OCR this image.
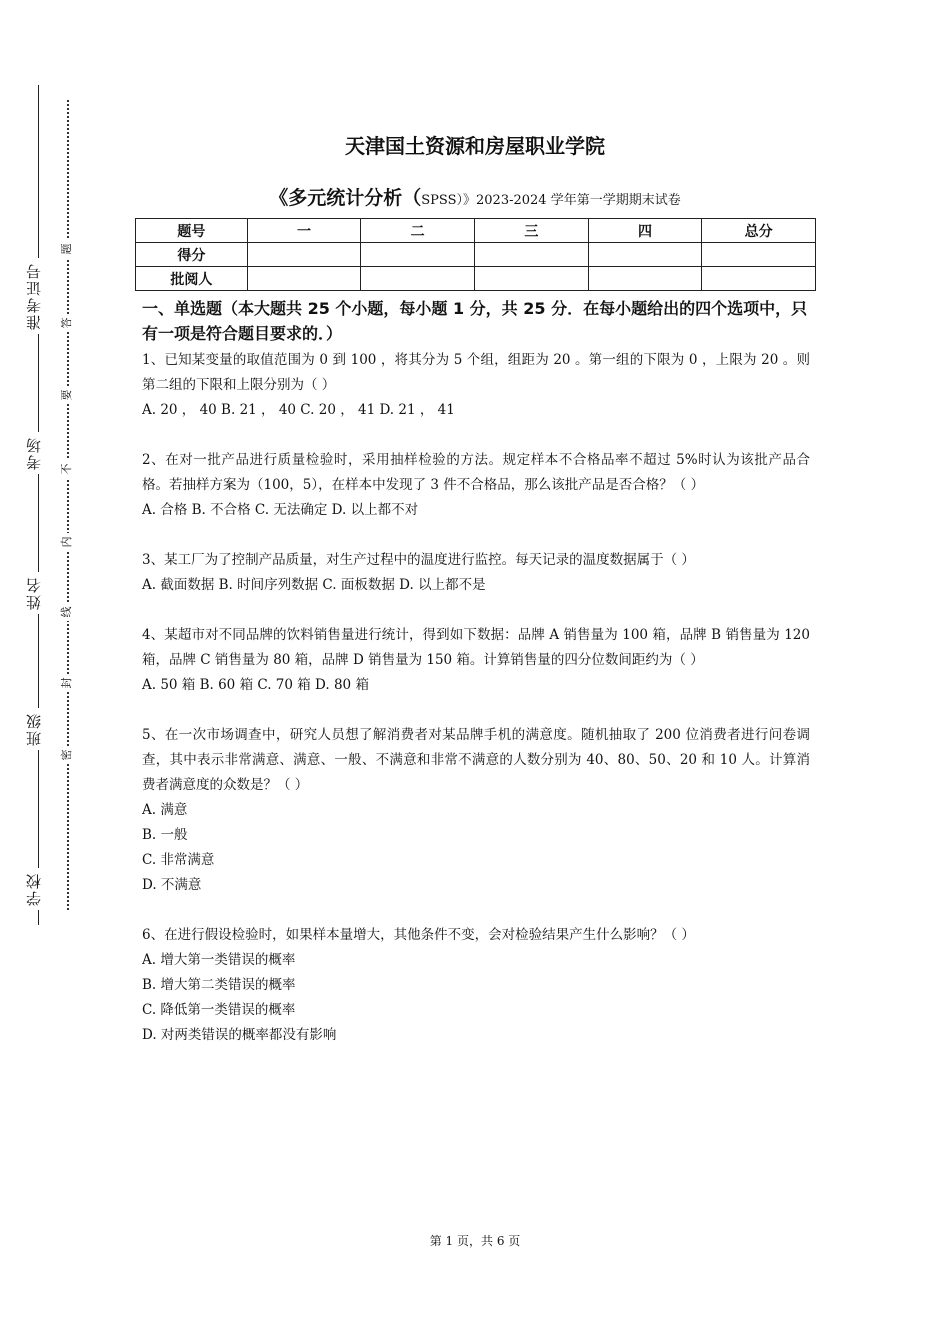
学校
班级
姓名
考场
准考证号
密
封
线
内
不
要
答
题
天津国土资源和房屋职业学院
《多元统计分析（SPSS）》2023-2024 学年第一学期期末试卷
题号	一	二	三	四	总分
得分					
批阅人					

一、单选题（本大题共 25 个小题，每小题 1 分，共 25 分．在每小题给出的四个选项中，只有一项是符合题目要求的．）

1、已知某变量的取值范围为 0 到 100 ，将其分为 5 个组，组距为 20 。第一组的下限为 0 ，上限为 20 。则第二组的下限和上限分别为（ ）

A. 20 ， 40 B. 21 ， 40 C. 20 ， 41 D. 21 ， 41

2、在对一批产品进行质量检验时，采用抽样检验的方法。规定样本不合格品率不超过 5%时认为该批产品合格。若抽样方案为（100，5），在样本中发现了 3 件不合格品，那么该批产品是否合格？（ ）

A. 合格 B. 不合格 C. 无法确定 D. 以上都不对

3、某工厂为了控制产品质量，对生产过程中的温度进行监控。每天记录的温度数据属于（ ）

A. 截面数据 B. 时间序列数据 C. 面板数据 D. 以上都不是

4、某超市对不同品牌的饮料销售量进行统计，得到如下数据：品牌 A 销售量为 100 箱，品牌 B 销售量为 120 箱，品牌 C 销售量为 80 箱，品牌 D 销售量为 150 箱。计算销售量的四分位数间距约为（ ）

A. 50 箱 B. 60 箱 C. 70 箱 D. 80 箱

5、在一次市场调查中，研究人员想了解消费者对某品牌手机的满意度。随机抽取了 200 位消费者进行问卷调查，其中表示非常满意、满意、一般、不满意和非常不满意的人数分别为 40、80、50、20 和 10 人。计算消费者满意度的众数是？（ ）

A. 满意

B. 一般

C. 非常满意

D. 不满意

6、在进行假设检验时，如果样本量增大，其他条件不变，会对检验结果产生什么影响？（ ）

A. 增大第一类错误的概率

B. 增大第二类错误的概率

C. 降低第一类错误的概率

D. 对两类错误的概率都没有影响

第 1 页，共 6 页
